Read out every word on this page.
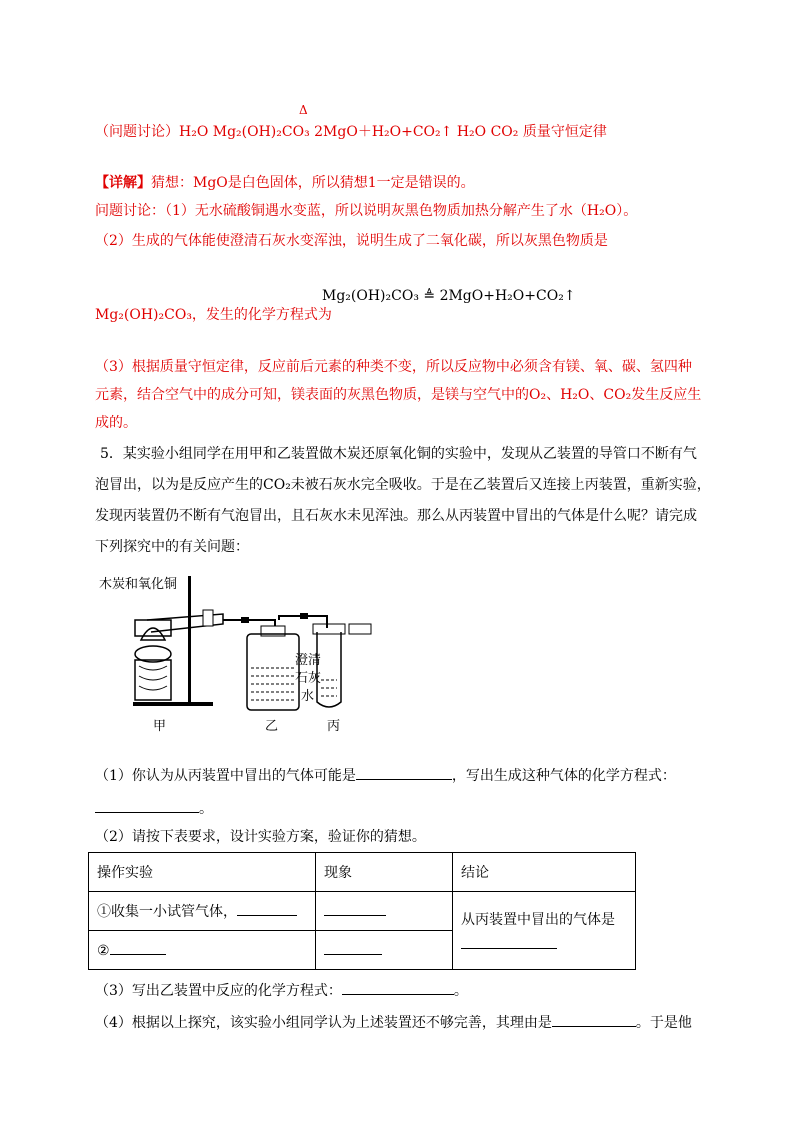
Δ
（问题讨论）H₂O Mg₂(OH)₂CO₃ 2MgO＋H₂O+CO₂↑ H₂O CO₂ 质量守恒定律
【详解】猜想：MgO是白色固体，所以猜想1一定是错误的。
问题讨论：（1）无水硫酸铜遇水变蓝，所以说明灰黑色物质加热分解产生了水（H₂O）。
（2）生成的气体能使澄清石灰水变浑浊，说明生成了二氧化碳，所以灰黑色物质是
Mg₂(OH)₂CO₃，发生的化学方程式为
Mg₂(OH)₂CO₃ ≜ 2MgO+H₂O+CO₂↑
（3）根据质量守恒定律，反应前后元素的种类不变，所以反应物中必须含有镁、氧、碳、氢四种
元素，结合空气中的成分可知，镁表面的灰黑色物质，是镁与空气中的O₂、H₂O、CO₂发生反应生
成的。
5．某实验小组同学在用甲和乙装置做木炭还原氧化铜的实验中，发现从乙装置的导管口不断有气
泡冒出，以为是反应产生的CO₂未被石灰水完全吸收。于是在乙装置后又连接上丙装置，重新实验，
发现丙装置仍不断有气泡冒出，且石灰水未见浑浊。那么从丙装置中冒出的气体是什么呢？请完成
下列探究中的有关问题：
木炭和氧化铜
甲	乙	丙
澄清
石灰
水
（1）你认为从丙装置中冒出的气体可能是	，写出生成这种气体的化学方程式：
。
（2）请按下表要求，设计实验方案，验证你的猜想。
操作实验	现象	结论
①收集一小试管气体，		从丙装置中冒出的气体是

②		
（3）写出乙装置中反应的化学方程式：	。
（4）根据以上探究，该实验小组同学认为上述装置还不够完善，其理由是	。于是他
